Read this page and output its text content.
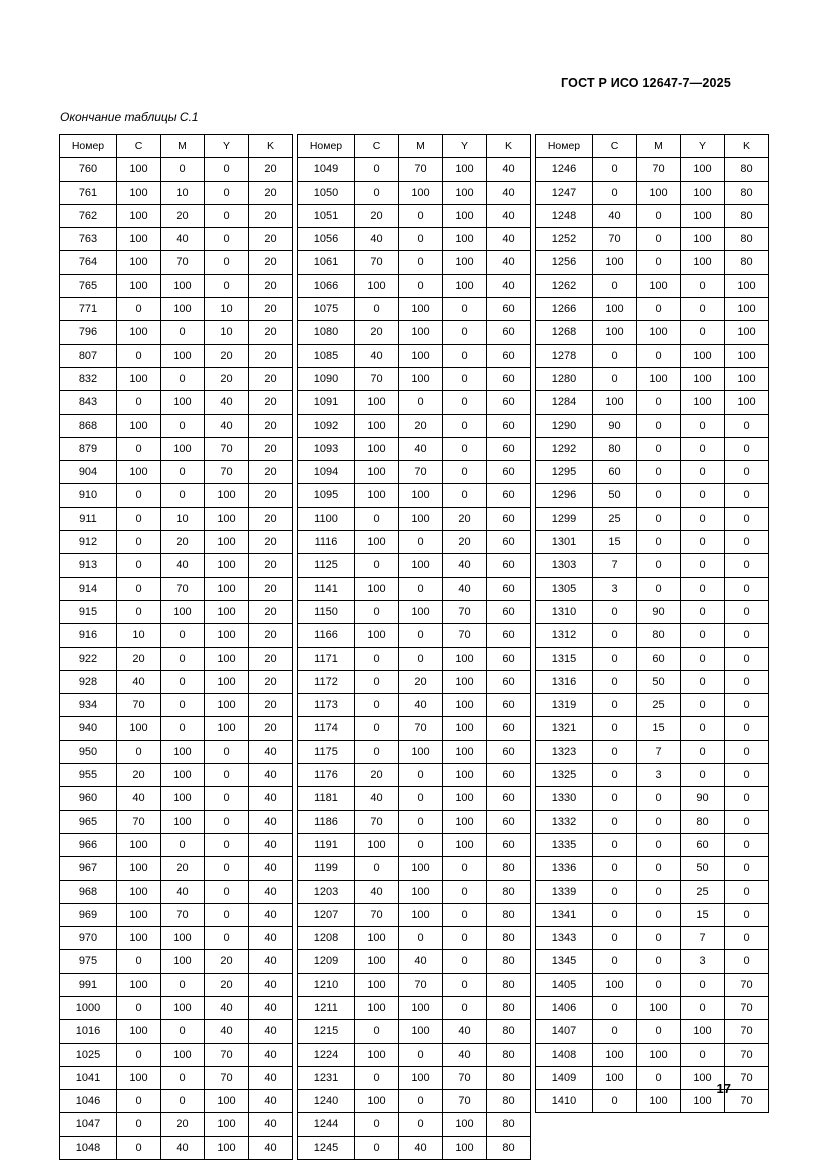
ГОСТ Р ИСО 12647-7—2025
Окончание таблицы С.1
Номер	C	M	Y	K
760	100	0	0	20
761	100	10	0	20
762	100	20	0	20
763	100	40	0	20
764	100	70	0	20
765	100	100	0	20
771	0	100	10	20
796	100	0	10	20
807	0	100	20	20
832	100	0	20	20
843	0	100	40	20
868	100	0	40	20
879	0	100	70	20
904	100	0	70	20
910	0	0	100	20
911	0	10	100	20
912	0	20	100	20
913	0	40	100	20
914	0	70	100	20
915	0	100	100	20
916	10	0	100	20
922	20	0	100	20
928	40	0	100	20
934	70	0	100	20
940	100	0	100	20
950	0	100	0	40
955	20	100	0	40
960	40	100	0	40
965	70	100	0	40
966	100	0	0	40
967	100	20	0	40
968	100	40	0	40
969	100	70	0	40
970	100	100	0	40
975	0	100	20	40
991	100	0	20	40
1000	0	100	40	40
1016	100	0	40	40
1025	0	100	70	40
1041	100	0	70	40
1046	0	0	100	40
1047	0	20	100	40
1048	0	40	100	40
Номер	C	M	Y	K
1049	0	70	100	40
1050	0	100	100	40
1051	20	0	100	40
1056	40	0	100	40
1061	70	0	100	40
1066	100	0	100	40
1075	0	100	0	60
1080	20	100	0	60
1085	40	100	0	60
1090	70	100	0	60
1091	100	0	0	60
1092	100	20	0	60
1093	100	40	0	60
1094	100	70	0	60
1095	100	100	0	60
1100	0	100	20	60
1116	100	0	20	60
1125	0	100	40	60
1141	100	0	40	60
1150	0	100	70	60
1166	100	0	70	60
1171	0	0	100	60
1172	0	20	100	60
1173	0	40	100	60
1174	0	70	100	60
1175	0	100	100	60
1176	20	0	100	60
1181	40	0	100	60
1186	70	0	100	60
1191	100	0	100	60
1199	0	100	0	80
1203	40	100	0	80
1207	70	100	0	80
1208	100	0	0	80
1209	100	40	0	80
1210	100	70	0	80
1211	100	100	0	80
1215	0	100	40	80
1224	100	0	40	80
1231	0	100	70	80
1240	100	0	70	80
1244	0	0	100	80
1245	0	40	100	80
Номер	C	M	Y	K
1246	0	70	100	80
1247	0	100	100	80
1248	40	0	100	80
1252	70	0	100	80
1256	100	0	100	80
1262	0	100	0	100
1266	100	0	0	100
1268	100	100	0	100
1278	0	0	100	100
1280	0	100	100	100
1284	100	0	100	100
1290	90	0	0	0
1292	80	0	0	0
1295	60	0	0	0
1296	50	0	0	0
1299	25	0	0	0
1301	15	0	0	0
1303	7	0	0	0
1305	3	0	0	0
1310	0	90	0	0
1312	0	80	0	0
1315	0	60	0	0
1316	0	50	0	0
1319	0	25	0	0
1321	0	15	0	0
1323	0	7	0	0
1325	0	3	0	0
1330	0	0	90	0
1332	0	0	80	0
1335	0	0	60	0
1336	0	0	50	0
1339	0	0	25	0
1341	0	0	15	0
1343	0	0	7	0
1345	0	0	3	0
1405	100	0	0	70
1406	0	100	0	70
1407	0	0	100	70
1408	100	100	0	70
1409	100	0	100	70
1410	0	100	100	70
17
